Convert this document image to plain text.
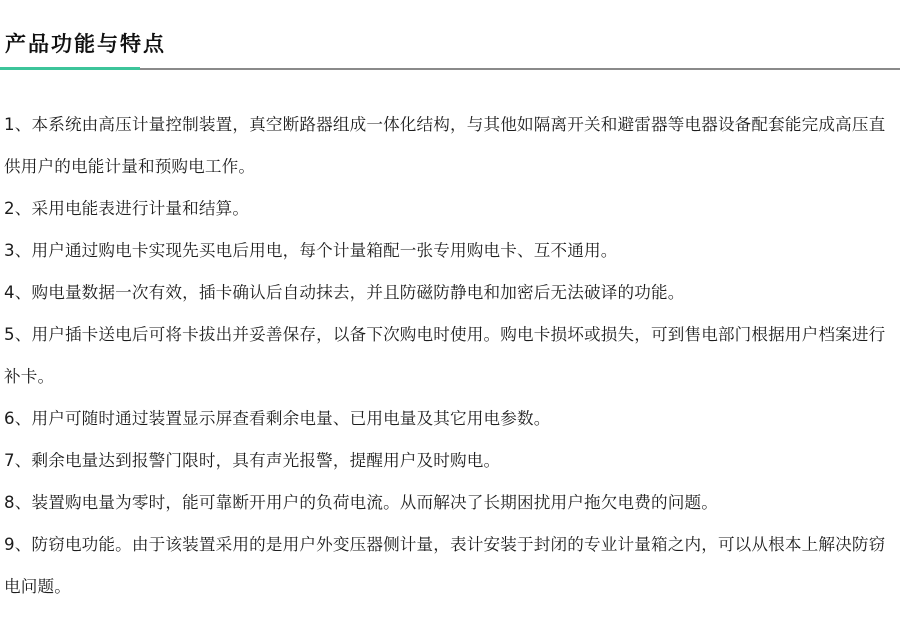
产品功能与特点

1、本系统由高压计量控制装置，真空断路器组成一体化结构，与其他如隔离开关和避雷器等电器设备配套能完成高压直供用户的电能计量和预购电工作。

2、采用电能表进行计量和结算。

3、用户通过购电卡实现先买电后用电，每个计量箱配一张专用购电卡、互不通用。

4、购电量数据一次有效，插卡确认后自动抹去，并且防磁防静电和加密后无法破译的功能。

5、用户插卡送电后可将卡拔出并妥善保存，以备下次购电时使用。购电卡损坏或损失，可到售电部门根据用户档案进行补卡。

6、用户可随时通过装置显示屏查看剩余电量、已用电量及其它用电参数。

7、剩余电量达到报警门限时，具有声光报警，提醒用户及时购电。

8、装置购电量为零时，能可靠断开用户的负荷电流。从而解决了长期困扰用户拖欠电费的问题。

9、防窃电功能。由于该装置采用的是用户外变压器侧计量，表计安装于封闭的专业计量箱之内，可以从根本上解决防窃电问题。
